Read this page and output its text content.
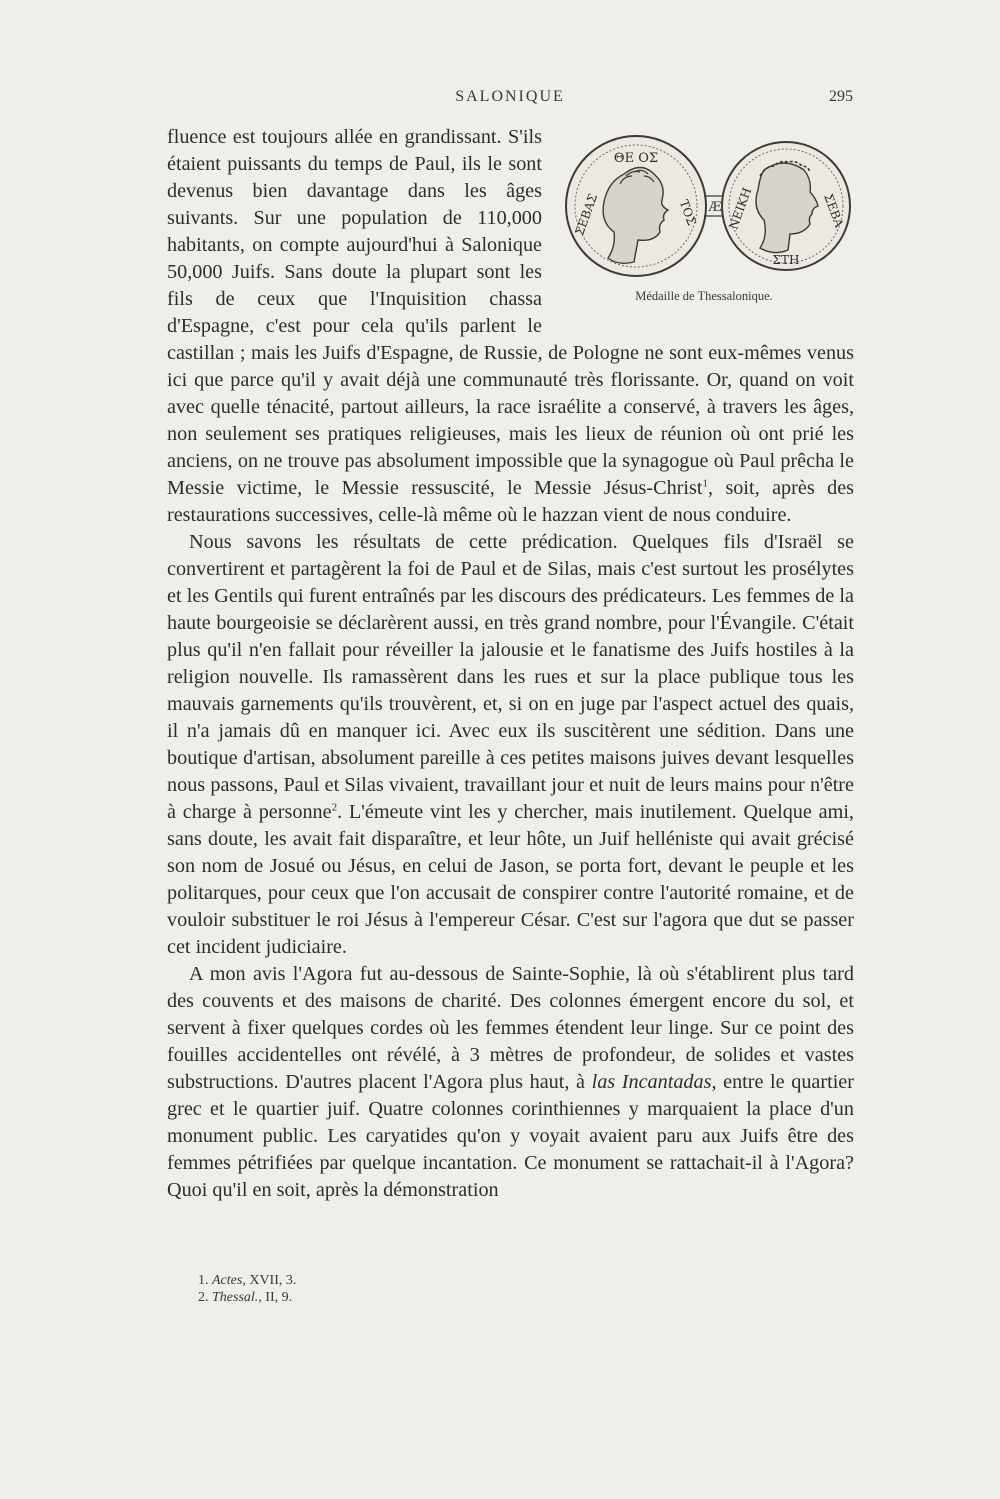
SALONIQUE	295

ΘΕ ΟΣ
ΣΕΒΑΣ	ΤΟΣ Æ ΝΕΙΚΗ	ΣΕΒΑ
ΣΤΗ
Médaille de Thessalonique.
fluence est toujours allée en grandissant. S'ils étaient puissants du temps de Paul, ils le sont devenus bien davantage dans les âges suivants. Sur une population de 110,000 habitants, on compte aujourd'hui à Salonique 50,000 Juifs. Sans doute la plupart sont les fils de ceux que l'Inquisition chassa d'Espagne, c'est pour cela qu'ils parlent le castillan ; mais les Juifs d'Espagne, de Russie, de Pologne ne sont eux-mêmes venus ici que parce qu'il y avait déjà une communauté très florissante. Or, quand on voit avec quelle ténacité, partout ailleurs, la race israélite a conservé, à travers les âges, non seulement ses pratiques religieuses, mais les lieux de réunion où ont prié les anciens, on ne trouve pas absolument impossible que la synagogue où Paul prêcha le Messie victime, le Messie ressuscité, le Messie Jésus-Christ$^1$, soit, après des restaurations successives, celle-là même où le hazzan vient de nous conduire.

Nous savons les résultats de cette prédication. Quelques fils d'Israël se convertirent et partagèrent la foi de Paul et de Silas, mais c'est surtout les prosélytes et les Gentils qui furent entraînés par les discours des prédicateurs. Les femmes de la haute bourgeoisie se déclarèrent aussi, en très grand nombre, pour l'Évangile. C'était plus qu'il n'en fallait pour réveiller la jalousie et le fanatisme des Juifs hostiles à la religion nouvelle. Ils ramassèrent dans les rues et sur la place publique tous les mauvais garnements qu'ils trouvèrent, et, si on en juge par l'aspect actuel des quais, il n'a jamais dû en manquer ici. Avec eux ils suscitèrent une sédition. Dans une boutique d'artisan, absolument pareille à ces petites maisons juives devant lesquelles nous passons, Paul et Silas vivaient, travaillant jour et nuit de leurs mains pour n'être à charge à personne$^2$. L'émeute vint les y chercher, mais inutilement. Quelque ami, sans doute, les avait fait disparaître, et leur hôte, un Juif helléniste qui avait grécisé son nom de Josué ou Jésus, en celui de Jason, se porta fort, devant le peuple et les politarques, pour ceux que l'on accusait de conspirer contre l'autorité romaine, et de vouloir substituer le roi Jésus à l'empereur César. C'est sur l'agora que dut se passer cet incident judiciaire.

A mon avis l'Agora fut au-dessous de Sainte-Sophie, là où s'établirent plus tard des couvents et des maisons de charité. Des colonnes émergent encore du sol, et servent à fixer quelques cordes où les femmes étendent leur linge. Sur ce point des fouilles accidentelles ont révélé, à 3 mètres de profondeur, de solides et vastes substructions. D'autres placent l'Agora plus haut, à las Incantadas, entre le quartier grec et le quartier juif. Quatre colonnes corinthiennes y marquaient la place d'un monument public. Les caryatides qu'on y voyait avaient paru aux Juifs être des femmes pétrifiées par quelque incantation. Ce monument se rattachait-il à l'Agora? Quoi qu'il en soit, après la démonstration

1. Actes, XVII, 3.
2. Thessal., II, 9.
